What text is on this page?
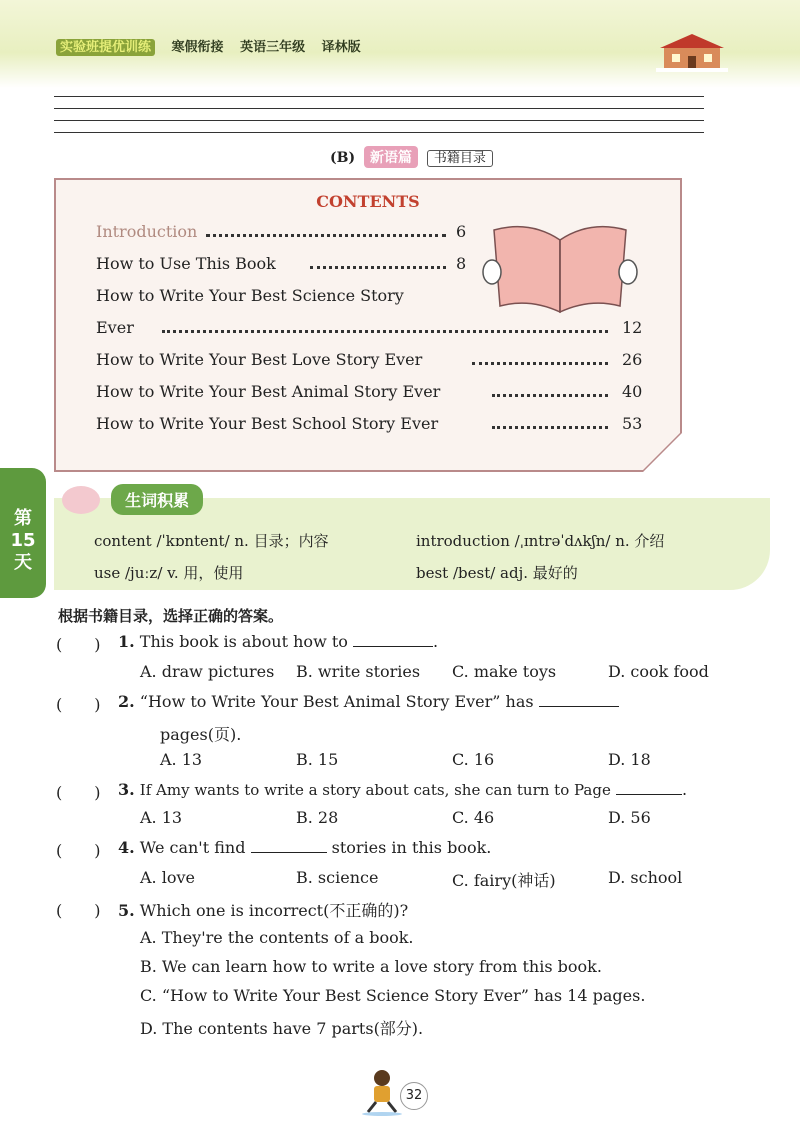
实验班提优训练 寒假衔接 英语三年级 译林版
(B) 新语篇 书籍目录
CONTENTS
Introduction	6
How to Use This Book	8
How to Write Your Best Science Story
Ever	12
How to Write Your Best Love Story Ever	26
How to Write Your Best Animal Story Ever	40
How to Write Your Best School Story Ever	53
第
15
天
生词积累
content /ˈkɒntent/ n. 目录；内容	introduction /ˌɪntrəˈdʌkʃn/ n. 介绍
use /juːz/ v. 用，使用	best /best/ adj. 最好的
根据书籍目录，选择正确的答案。
(　　) 1. This book is about how to	.
A. draw pictures B. write stories C. make toys	D. cook food
(　　) 2. “How to Write Your Best Animal Story Ever” has
pages(页).
A. 13	B. 15	C. 16	D. 18
(　　) 3. If Amy wants to write a story about cats, she can turn to Page	.
A. 13	B. 28	C. 46	D. 56
(　　) 4. We can't find	stories in this book.
A. love	B. science	C. fairy(神话)	D. school
(　　) 5. Which one is incorrect(不正确的)?
A. They're the contents of a book.
B. We can learn how to write a love story from this book.
C. “How to Write Your Best Science Story Ever” has 14 pages.
D. The contents have 7 parts(部分).
32
